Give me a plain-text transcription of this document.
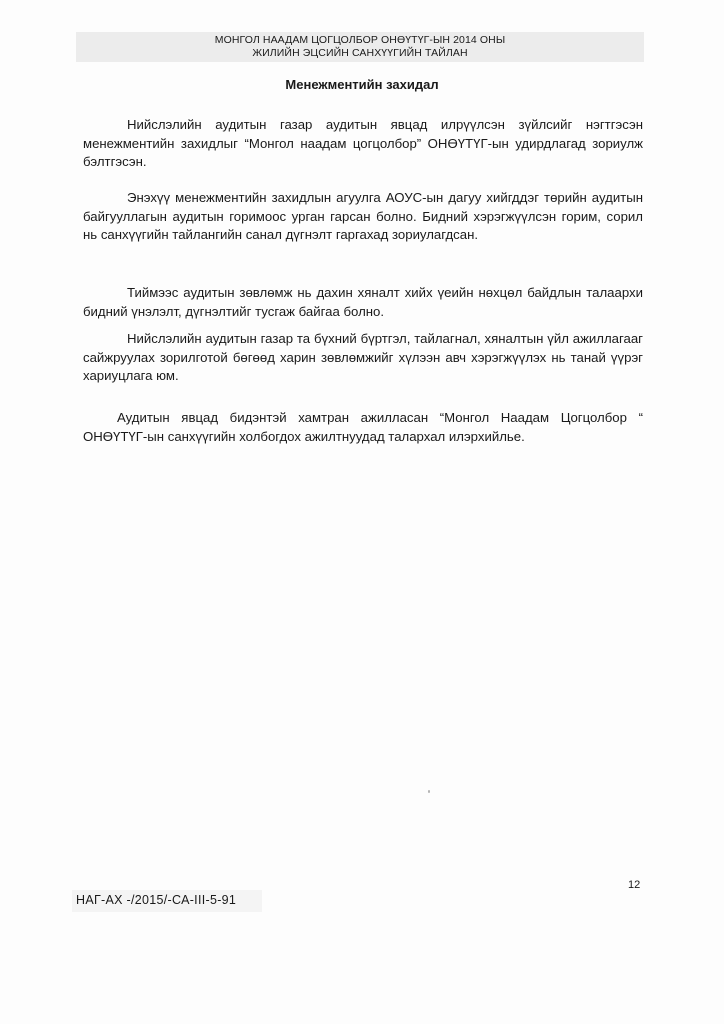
МОНГОЛ НААДАМ ЦОГЦОЛБОР ОНӨҮТҮГ-ЫН 2014 ОНЫ
ЖИЛИЙН ЭЦСИЙН САНХҮҮГИЙН ТАЙЛАН
Менежментийн захидал

Нийслэлийн аудитын газар аудитын явцад илрүүлсэн зүйлсийг нэгтгэсэн менежментийн захидлыг “Монгол наадам цогцолбор” ОНӨҮТҮГ-ын удирдлагад зориулж бэлтгэсэн.

Энэхүү менежментийн захидлын агуулга АОУС-ын дагуу хийгддэг төрийн аудитын байгууллагын аудитын горимоос урган гарсан болно. Бидний хэрэгжүүлсэн горим, сорил нь санхүүгийн тайлангийн санал дүгнэлт гаргахад зориулагдсан.

Тиймээс аудитын зөвлөмж нь дахин хяналт хийх үеийн нөхцөл байдлын талаархи бидний үнэлэлт, дүгнэлтийг тусгаж байгаа болно.

Нийслэлийн аудитын газар та бүхний бүртгэл, тайлагнал, хяналтын үйл ажиллагааг сайжруулах зорилготой бөгөөд харин зөвлөмжийг хүлээн авч хэрэгжүүлэх нь танай үүрэг хариуцлага юм.

Аудитын явцад бидэнтэй хамтран ажилласан “Монгол Наадам Цогцолбор “ ОНӨҮТҮГ-ын санхүүгийн холбогдох ажилтнуудад талархал илэрхийлье.

12
НАГ-АХ -/2015/-СА-III-5-91
